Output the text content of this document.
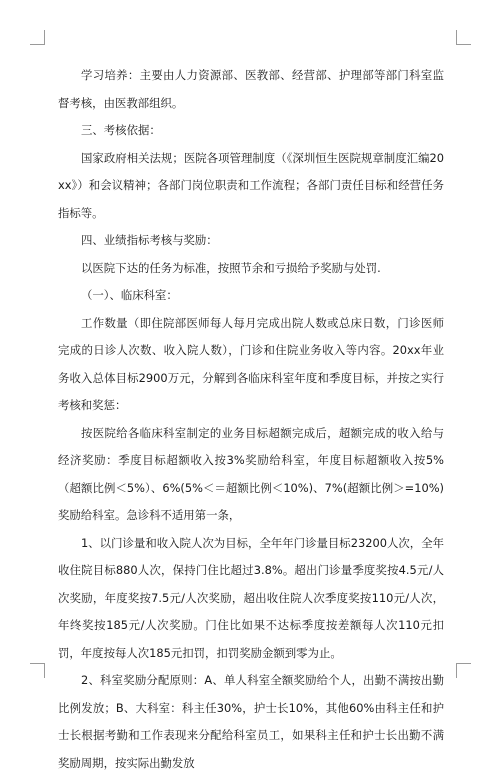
学习培养：主要由人力资源部、医教部、经营部、护理部等部门科室监督考核，由医教部组织。

三、考核依据：

国家政府相关法规；医院各项管理制度（《深圳恒生医院规章制度汇编20xx》）和会议精神；各部门岗位职责和工作流程；各部门责任目标和经营任务指标等。

四、业绩指标考核与奖励：

以医院下达的任务为标准，按照节余和亏损给予奖励与处罚.

（一）、临床科室：

工作数量（即住院部医师每人每月完成出院人数或总床日数，门诊医师完成的日诊人次数、收入院人数），门诊和住院业务收入等内容。20xx年业务收入总体目标2900万元，分解到各临床科室年度和季度目标，并按之实行考核和奖惩：

按医院给各临床科室制定的业务目标超额完成后，超额完成的收入给与经济奖励：季度目标超额收入按3%奖励给科室，年度目标超额收入按5%（超额比例＜5%）、6%(5%＜＝超额比例＜10%)、7%(超额比例＞=10%)奖励给科室。急诊科不适用第一条，

1、以门诊量和收入院人次为目标，全年年门诊量目标23200人次，全年收住院目标880人次，保持门住比超过3.8%。超出门诊量季度奖按4.5元/人次奖励，年度奖按7.5元/人次奖励，超出收住院人次季度奖按110元/人次，年终奖按185元/人次奖励。门住比如果不达标季度按差额每人次110元扣罚，年度按每人次185元扣罚，扣罚奖励金额到零为止。

2、科室奖励分配原则：A、单人科室全额奖励给个人，出勤不满按出勤比例发放；B、大科室：科主任30%，护士长10%，其他60%由科主任和护士长根据考勤和工作表现来分配给科室员工，如果科主任和护士长出勤不满奖励周期，按实际出勤发放
